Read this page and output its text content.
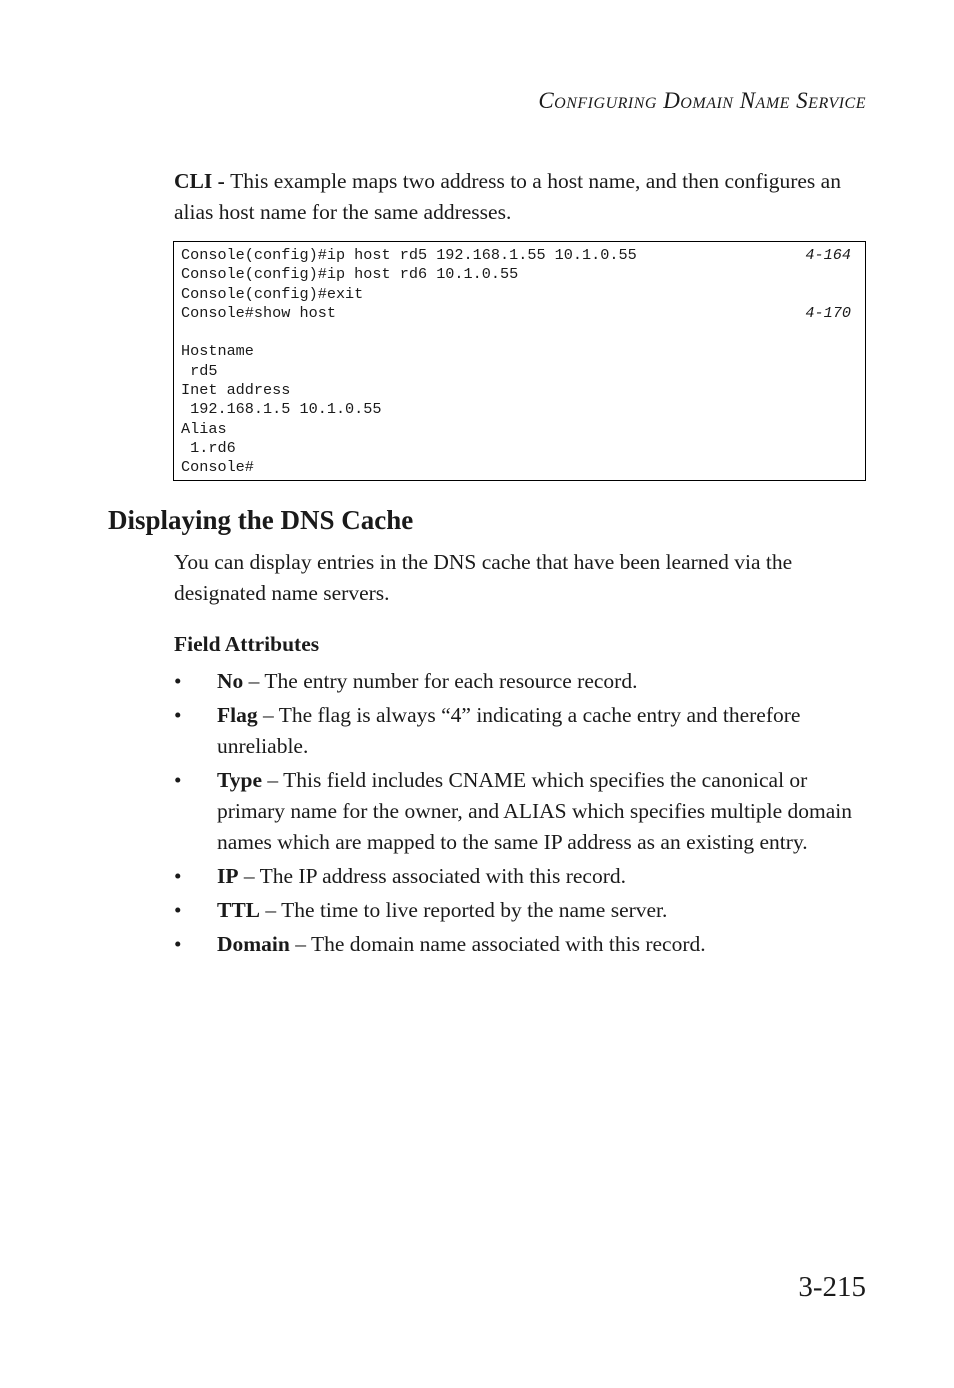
Configuring Domain Name Service

CLI - This example maps two address to a host name, and then configures an alias host name for the same addresses.

Console(config)#ip host rd5 192.168.1.55 10.1.0.55	4-164
Console(config)#ip host rd6 10.1.0.55
Console(config)#exit
Console#show host	4-170
Hostname
rd5
Inet address
192.168.1.5 10.1.0.55
Alias
1.rd6
Console#
Displaying the DNS Cache

You can display entries in the DNS cache that have been learned via the designated name servers.

Field Attributes
• No – The entry number for each resource record.
• Flag – The flag is always “4” indicating a cache entry and therefore unreliable.
• Type – This field includes CNAME which specifies the canonical or primary name for the owner, and ALIAS which specifies multiple domain names which are mapped to the same IP address as an existing entry.
• IP – The IP address associated with this record.
• TTL – The time to live reported by the name server.
• Domain – The domain name associated with this record.
3-215
